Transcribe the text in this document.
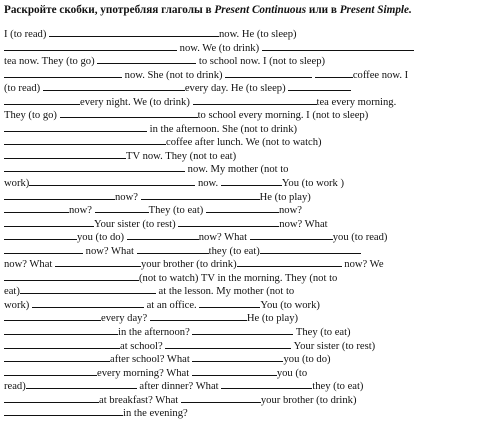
Раскройте скобки, употребляя глаголы в Present Continuous или в Present Simple.
I (to read)	now. He (to sleep)
now. We (to drink)
tea now. They (to go)	to school now. I (not to sleep)
now. She (not to drink)	coffee now. I
(to read)	every day. He (to sleep)
every night. We (to drink)	tea every morning.
They (to go)	to school every morning. I (not to sleep)
in the afternoon. She (not to drink)
coffee after lunch. We (not to watch)
TV now. They (not to eat)
now. My mother (not to
work)	now.	You (to work )
now?	He (to play)
now?	They (to eat)	now?
Your sister (to rest)	now? What
you (to do)	now? What	you (to read)
now? What	they (to eat)
now? What	your brother (to drink)	now? We
(not to watch) TV in the morning. They (not to
eat)	at the lesson. My mother (not to
work)	at an office.	You (to work)
every day?	He (to play)
in the afternoon?	They (to eat)
at school?	Your sister (to rest)
after school? What	you (to do)
every morning? What	you (to
read)	after dinner? What	they (to eat)
at breakfast? What	your brother (to drink)
in the evening?
